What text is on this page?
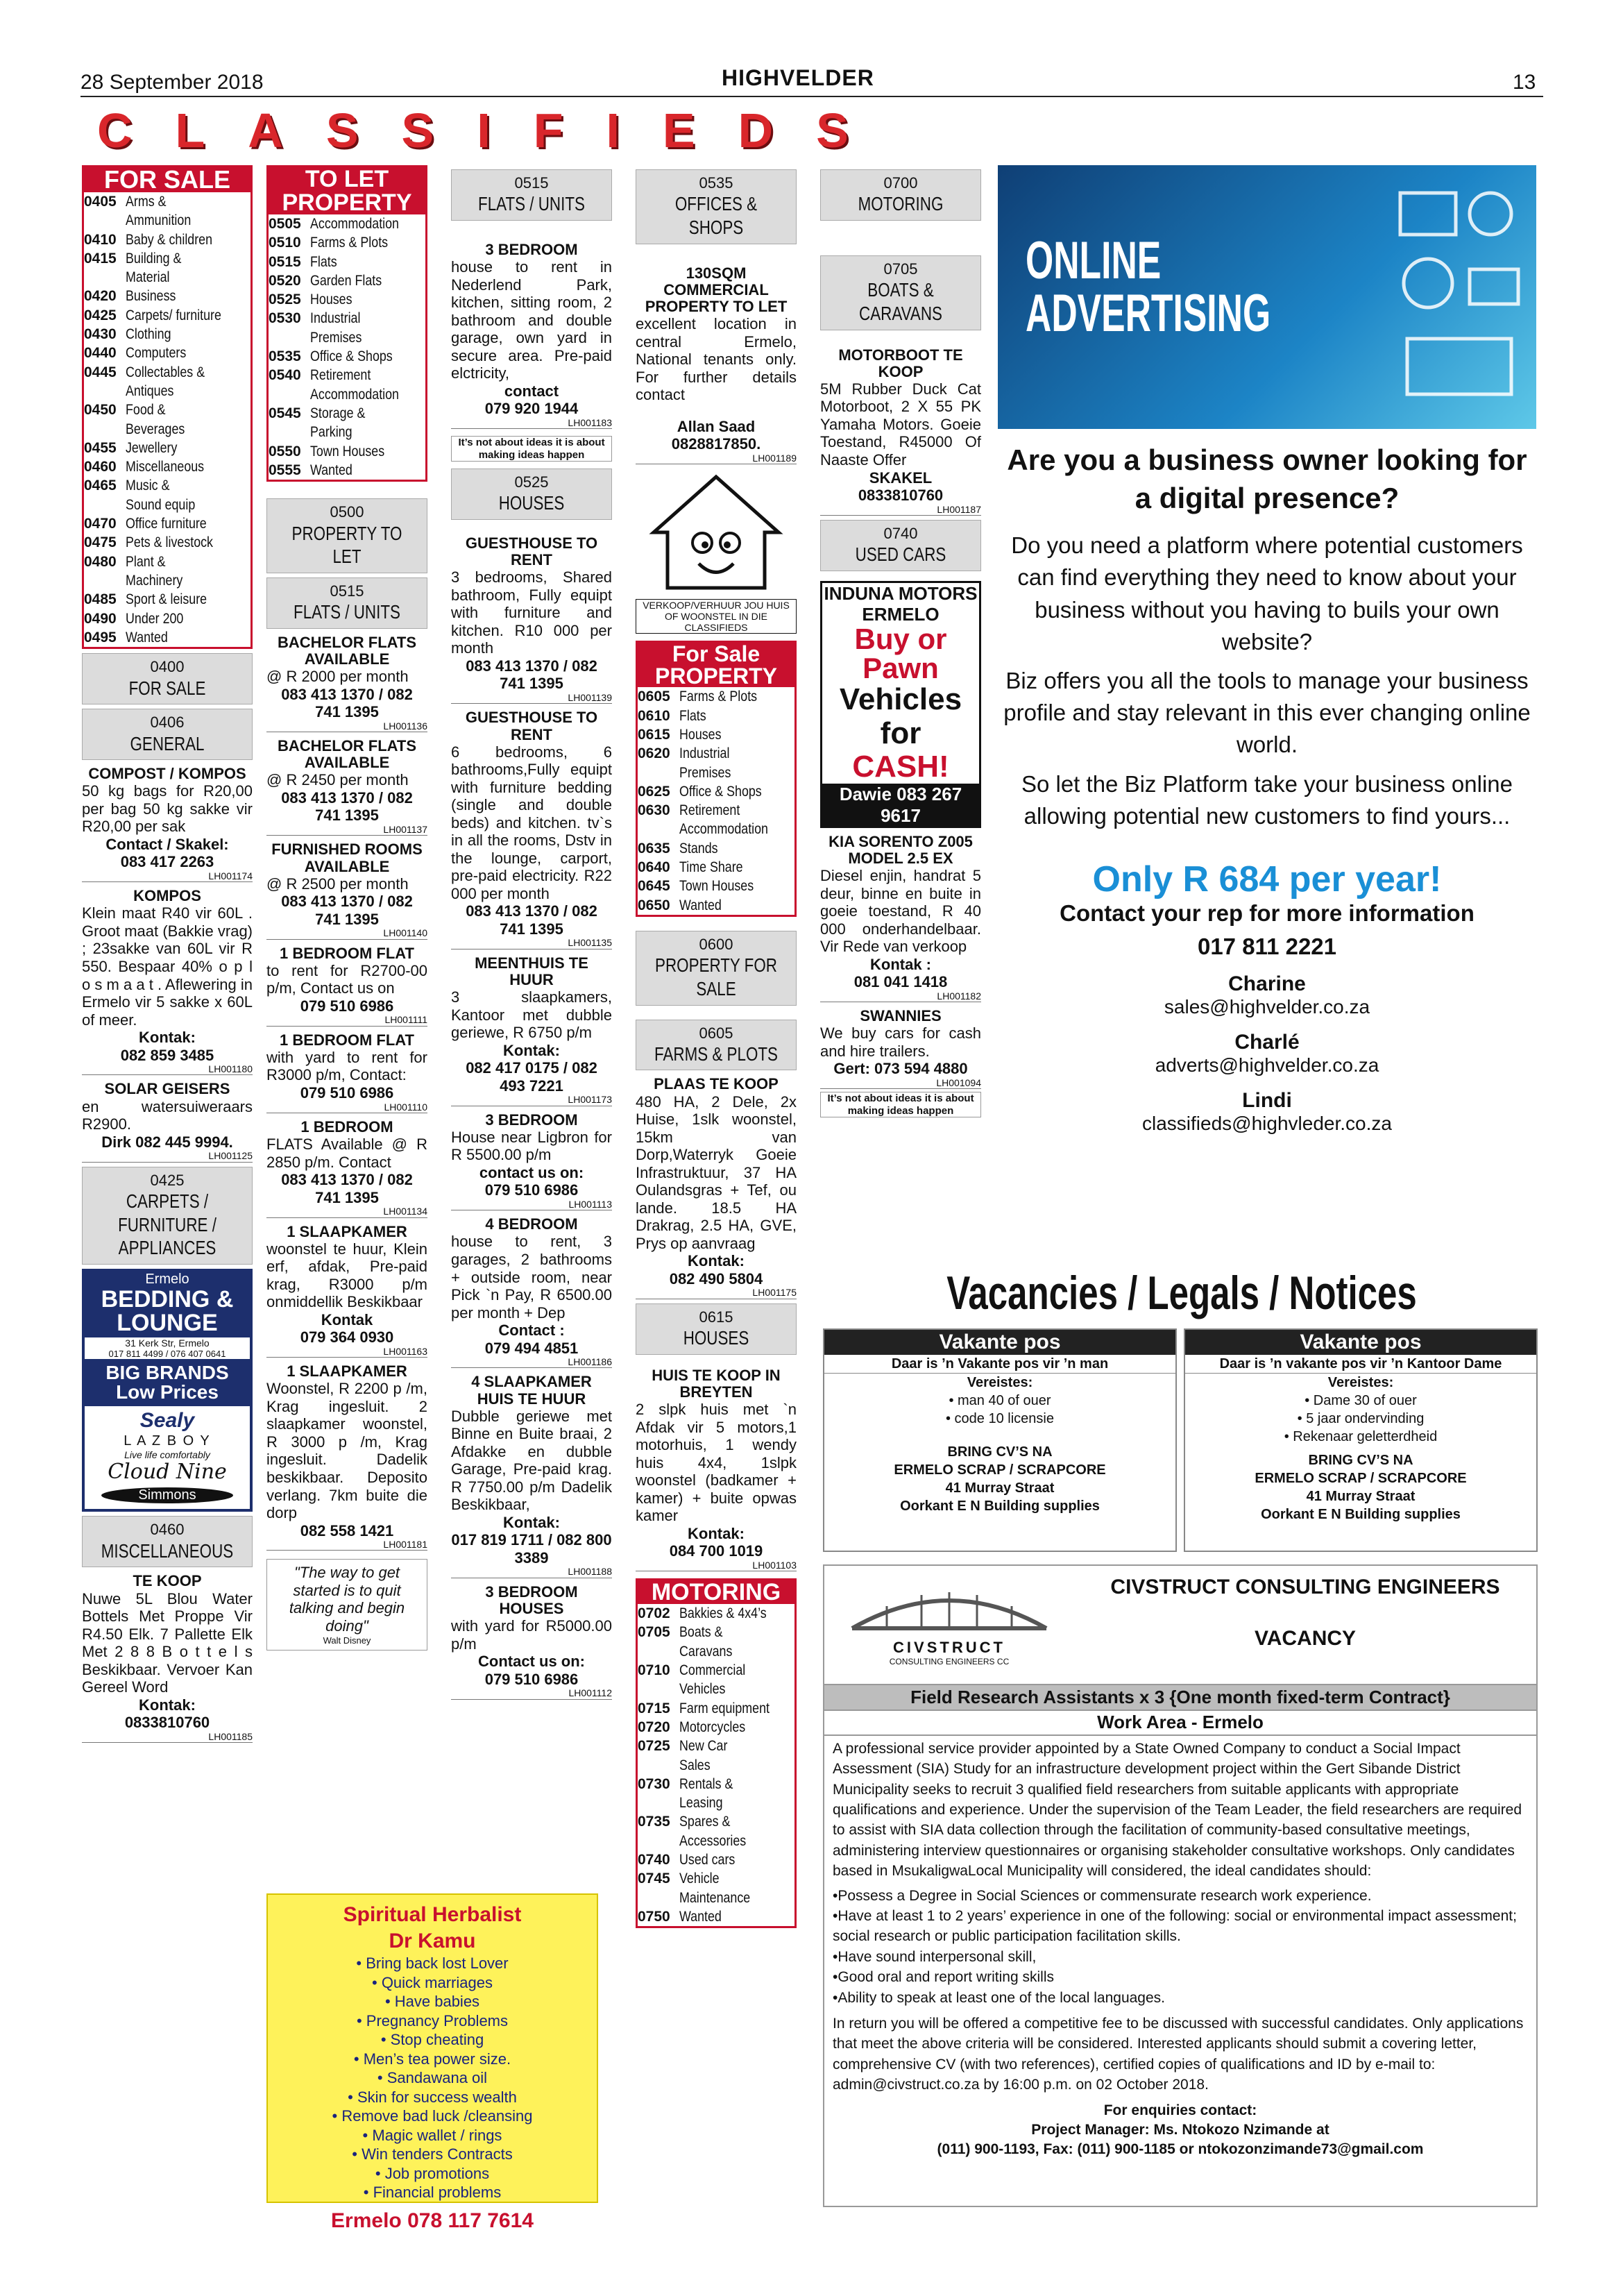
28 September 2018	HIGHVELDER	13
CLASSIFIEDS
FOR SALE
0405 Arms &
Ammunition
0410 Baby & children
0415 Building &
Material
0420 Business
0425 Carpets/ furniture
0430 Clothing
0440 Computers
0445 Collectables &
Antiques
0450 Food &
Beverages
0455 Jewellery
0460 Miscellaneous
0465 Music &
Sound equip
0470 Office furniture
0475 Pets & livestock
0480 Plant &
Machinery
0485 Sport & leisure
0490 Under 200
0495 Wanted
0400
FOR SALE
0406
GENERAL
COMPOST / KOMPOS

50 kg bags for R20,00 per bag 50 kg sakke vir R20,00 per sak

Contact / Skakel:
083 417 2263
LH001174
KOMPOS

Klein maat R40 vir 60L . Groot maat (Bakkie vrag) ; 23sakke van 60L vir R 550. Bespaar 40% o p l o s m a a t . Aflewering in Ermelo vir 5 sakke x 60L of meer.

Kontak:
082 859 3485
LH001180
SOLAR GEISERS

en watersuiweraars R2900.

Dirk 082 445 9994.
LH001125
0425
CARPETS /
FURNITURE /
APPLIANCES
Ermelo
BEDDING &
LOUNGE
31 Kerk Str, Ermelo
017 811 4499 / 076 407 0641
BIG BRANDS
Low Prices
Sealy
L A Z B O Y
Live life comfortably
Cloud Nine
Simmons
0460
MISCELLANEOUS
TE KOOP

Nuwe 5L Blou Water Bottels Met Proppe Vir R4.50 Elk. 7 Pallette Elk Met 2 8 8 B o t t e l s Beskikbaar. Vervoer Kan Gereel Word

Kontak:
0833810760
LH001185
TO LET PROPERTY
0505 Accommodation
0510 Farms & Plots
0515 Flats
0520 Garden Flats
0525 Houses
0530 Industrial
Premises
0535 Office & Shops
0540 Retirement
Accommodation
0545 Storage &
Parking
0550 Town Houses
0555 Wanted
0500
PROPERTY TO LET
0515
FLATS / UNITS
BACHELOR FLATS AVAILABLE

@ R 2000 per month

083 413 1370 / 082 741 1395
LH001136
BACHELOR FLATS AVAILABLE

@ R 2450 per month

083 413 1370 / 082 741 1395
LH001137
FURNISHED ROOMS AVAILABLE

@ R 2500 per month

083 413 1370 / 082 741 1395
LH001140
1 BEDROOM FLAT

to rent for R2700-00 p/m, Contact us on

079 510 6986
LH001111
1 BEDROOM FLAT

with yard to rent for R3000 p/m, Contact:

079 510 6986
LH001110
1 BEDROOM

FLATS Available @ R 2850 p/m. Contact

083 413 1370 / 082 741 1395
LH001134
1 SLAAPKAMER

woonstel te huur, Klein erf, afdak, Pre-paid krag, R3000 p/m onmiddellik Beskikbaar

Kontak
079 364 0930
LH001163
1 SLAAPKAMER

Woonstel, R 2200 p /m, Krag ingesluit. 2 slaapkamer woonstel, R 3000 p /m, Krag ingesluit. Dadelik beskikbaar. Deposito verlang. 7km buite die dorp

082 558 1421
LH001181
"The way to get started is to quit talking and begin doing"
Walt Disney
Spiritual Herbalist
Dr Kamu
• Bring back lost Lover
• Quick marriages
• Have babies
• Pregnancy Problems
• Stop cheating
• Men’s tea power size.
• Sandawana oil
• Skin for success wealth
• Remove bad luck /cleansing
• Magic wallet / rings
• Win tenders Contracts
• Job promotions
• Financial problems
Ermelo 078 117 7614
0515
FLATS / UNITS
3 BEDROOM

house to rent in Nederlend Park, kitchen, sitting room, 2 bathroom and double garage, own yard in secure area. Pre-paid elctricity,

contact
079 920 1944
LH001183
It’s not about ideas it is about making ideas happen
0525
HOUSES
GUESTHOUSE TO RENT

3 bedrooms, Shared bathroom, Fully equipt with furniture and kitchen. R10 000 per month

083 413 1370 / 082 741 1395
LH001139
GUESTHOUSE TO RENT

6 bedrooms, 6 bathrooms,Fully equipt with furniture bedding (single and double beds) and kitchen. tv`s in all the rooms, Dstv in the lounge, carport, pre-paid electricity. R22 000 per month

083 413 1370 / 082 741 1395
LH001135
MEENTHUIS TE HUUR

3 slaapkamers, Kantoor met dubble geriewe, R 6750 p/m

Kontak:
082 417 0175 / 082 493 7221
LH001173
3 BEDROOM

House near Ligbron for R 5500.00 p/m

contact us on:
079 510 6986
LH001113
4 BEDROOM

house to rent, 3 garages, 2 bathrooms + outside room, near Pick `n Pay, R 6500.00 per month + Dep

Contact :
079 494 4851
LH001186
4 SLAAPKAMER HUIS TE HUUR

Dubble geriewe met Binne en Buite braai, 2 Afdakke en dubble Garage, Pre-paid krag. R 7750.00 p/m Dadelik Beskikbaar,

Kontak:
017 819 1711 / 082 800 3389
LH001188
3 BEDROOM HOUSES

with yard for R5000.00 p/m

Contact us on:
079 510 6986
LH001112
0535
OFFICES & SHOPS
130SQM COMMERCIAL PROPERTY TO LET

excellent location in central Ermelo, National tenants only. For further details contact

Allan Saad
0828817850.
LH001189
VERKOOP/VERHUUR JOU HUIS OF WOONSTEL IN DIE CLASSIFIEDS
For Sale PROPERTY
0605 Farms & Plots
0610 Flats
0615 Houses
0620 Industrial
Premises
0625 Office & Shops
0630 Retirement
Accommodation
0635 Stands
0640 Time Share
0645 Town Houses
0650 Wanted
0600
PROPERTY FOR
SALE
0605
FARMS & PLOTS
PLAAS TE KOOP

480 HA, 2 Dele, 2x Huise, 1slk woonstel, 15km van Dorp,Waterryk Goeie Infrastruktuur, 37 HA Oulandsgras + Tef, ou lande. 18.5 HA Drakrag, 2.5 HA, GVE, Prys op aanvraag

Kontak:
082 490 5804
LH001175
0615
HOUSES
HUIS TE KOOP IN BREYTEN

2 slpk huis met `n Afdak vir 5 motors,1 motorhuis, 1 wendy huis 4x4, 1slpk woonstel (badkamer + kamer) + buite opwas kamer

Kontak:
084 700 1019
LH001103
MOTORING
0702 Bakkies & 4x4’s
0705 Boats &
Caravans
0710 Commercial
Vehicles
0715 Farm equipment
0720 Motorcycles
0725 New Car
Sales
0730 Rentals &
Leasing
0735 Spares &
Accessories
0740 Used cars
0745 Vehicle
Maintenance
0750 Wanted
0700
MOTORING
0705
BOATS & CARAVANS
MOTORBOOT TE KOOP

5M Rubber Duck Cat Motorboot, 2 X 55 PK Yamaha Motors. Goeie Toestand, R45000 Of Naaste Offer

SKAKEL
0833810760
LH001187
0740
USED CARS
INDUNA MOTORS
ERMELO
Buy or
Pawn
Vehicles
for
CASH!
Dawie 083 267 9617
KIA SORENTO Z005 MODEL 2.5 EX

Diesel enjin, handrat 5 deur, binne en buite in goeie toestand, R 40 000 onderhandelbaar. Vir Rede van verkoop

Kontak :
081 041 1418
LH001182
SWANNIES

We buy cars for cash and hire trailers.

Gert: 073 594 4880
LH001094
It’s not about ideas it is about making ideas happen
ONLINE
ADVERTISING
Are you a business owner looking for a digital presence?
Do you need a platform where potential customers can find everything they need to know about your business without you having to buils your own website?
Biz offers you all the tools to manage your business profile and stay relevant in this ever changing online world.
So let the Biz Platform take your business online allowing potential new customers to find yours...
Only R 684 per year!
Contact your rep for more information
017 811 2221
Charine
sales@highvelder.co.za
Charlé
adverts@highvelder.co.za
Lindi
classifieds@highvleder.co.za
Vacancies / Legals / Notices
Vakante pos
Daar is ’n Vakante pos vir ’n man
Vereistes:
• man 40 of ouer
• code 10 licensie
BRING CV’S NA
ERMELO SCRAP / SCRAPCORE
41 Murray Straat
Oorkant E N Building supplies
Vakante pos
Daar is ’n vakante pos vir ’n Kantoor Dame
Vereistes:
• Dame 30 of ouer
• 5 jaar ondervinding
• Rekenaar geletterdheid
BRING CV’S NA
ERMELO SCRAP / SCRAPCORE
41 Murray Straat
Oorkant E N Building supplies
CIVSTRUCT
CONSULTING ENGINEERS CC
CIVSTRUCT CONSULTING ENGINEERS
VACANCY
Field Research Assistants x 3 {One month fixed-term Contract}
Work Area - Ermelo

A professional service provider appointed by a State Owned Company to conduct a Social Impact Assessment (SIA) Study for an infrastructure development project within the Gert Sibande District Municipality seeks to recruit 3 qualified field researchers from suitable applicants with appropriate qualifications and experience. Under the supervision of the Team Leader, the field researchers are required to assist with SIA data collection through the facilitation of community-based consultative meetings, administering interview questionnaires or organising stakeholder consultative workshops. Only candidates based in MsukaligwaLocal Municipality will considered, the ideal candidates should:

•Possess a Degree in Social Sciences or commensurate research work experience.

•Have at least 1 to 2 years’ experience in one of the following: social or environmental impact assessment; social research or public participation facilitation skills.

•Have sound interpersonal skill,

•Good oral and report writing skills

•Ability to speak at least one of the local languages.

In return you will be offered a competitive fee to be discussed with successful candidates. Only applications that meet the above criteria will be considered. Interested applicants should submit a covering letter, comprehensive CV (with two references), certified copies of qualifications and ID by e-mail to: admin@civstruct.co.za by 16:00 p.m. on 02 October 2018.

For enquiries contact:
Project Manager: Ms. Ntokozo Nzimande at
(011) 900-1193, Fax: (011) 900-1185 or ntokozonzimande73@gmail.com
